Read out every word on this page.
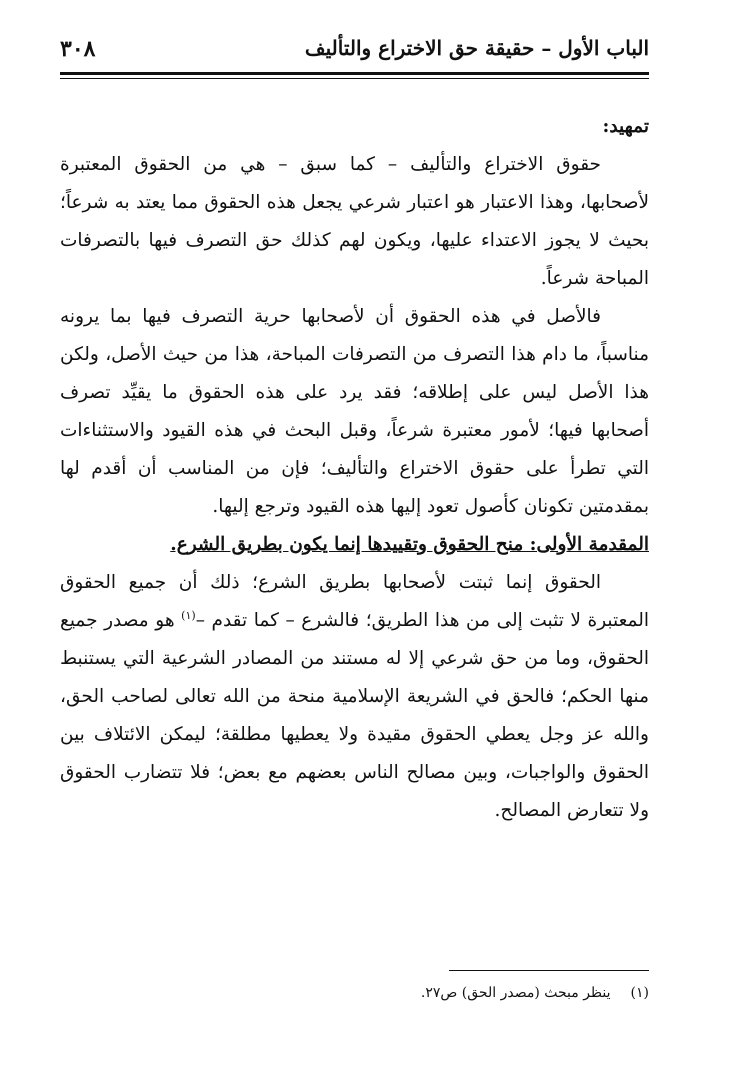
الباب الأول – حقيقة حق الاختراع والتأليف
٣٠٨

تمهيد:

حقوق الاختراع والتأليف – كما سبق – هي من الحقوق المعتبرة لأصحابها، وهذا الاعتبار هو اعتبار شرعي يجعل هذه الحقوق مما يعتد به شرعاً؛ بحيث لا يجوز الاعتداء عليها، ويكون لهم كذلك حق التصرف فيها بالتصرفات المباحة شرعاً.

فالأصل في هذه الحقوق أن لأصحابها حرية التصرف فيها بما يرونه مناسباً، ما دام هذا التصرف من التصرفات المباحة، هذا من حيث الأصل، ولكن هذا الأصل ليس على إطلاقه؛ فقد يرد على هذه الحقوق ما يقيِّد تصرف أصحابها فيها؛ لأمور معتبرة شرعاً، وقبل البحث في هذه القيود والاستثناءات التي تطرأ على حقوق الاختراع والتأليف؛ فإن من المناسب أن أقدم لها بمقدمتين تكونان كأصول تعود إليها هذه القيود وترجع إليها.

المقدمة الأولى: منح الحقوق وتقييدها إنما يكون بطريق الشرع.

الحقوق إنما ثبتت لأصحابها بطريق الشرع؛ ذلك أن جميع الحقوق المعتبرة لا تثبت إلى من هذا الطريق؛ فالشرع – كما تقدم –$^{(١)}$ هو مصدر جميع الحقوق، وما من حق شرعي إلا له مستند من المصادر الشرعية التي يستنبط منها الحكم؛ فالحق في الشريعة الإسلامية منحة من الله تعالى لصاحب الحق، والله عز وجل يعطي الحقوق مقيدة ولا يعطيها مطلقة؛ ليمكن الائتلاف بين الحقوق والواجبات، وبين مصالح الناس بعضهم مع بعض؛ فلا تتضارب الحقوق ولا تتعارض المصالح.

(١)ينظر مبحث (مصدر الحق) ص٢٧.
